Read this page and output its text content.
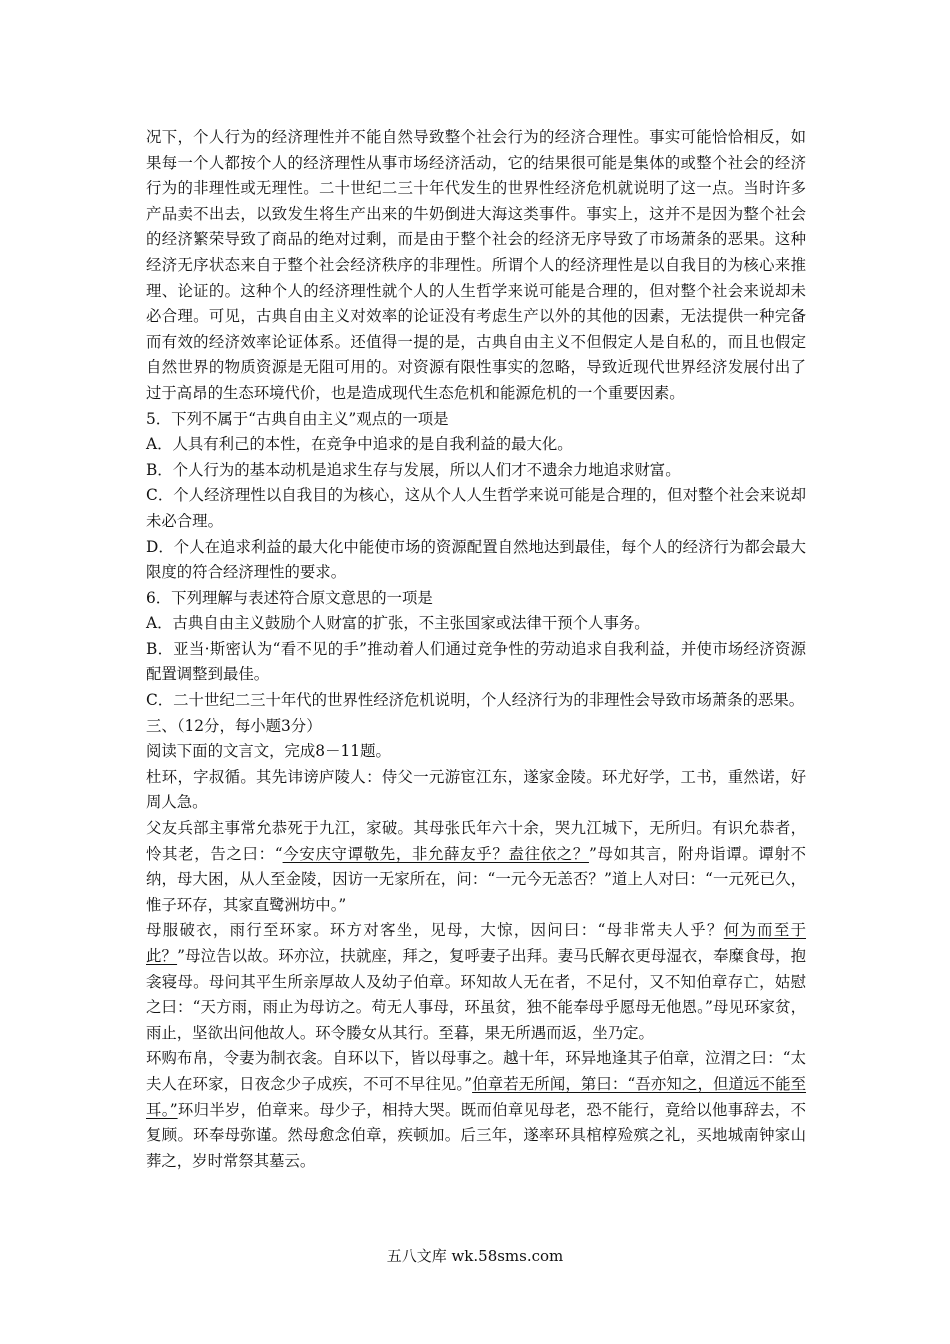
况下，个人行为的经济理性并不能自然导致整个社会行为的经济合理性。事实可能恰恰相反，如果每一个人都按个人的经济理性从事市场经济活动，它的结果很可能是集体的或整个社会的经济行为的非理性或无理性。二十世纪二三十年代发生的世界性经济危机就说明了这一点。当时许多产品卖不出去，以致发生将生产出来的牛奶倒进大海这类事件。事实上，这并不是因为整个社会的经济繁荣导致了商品的绝对过剩，而是由于整个社会的经济无序导致了市场萧条的恶果。这种经济无序状态来自于整个社会经济秩序的非理性。所谓个人的经济理性是以自我目的为核心来推理、论证的。这种个人的经济理性就个人的人生哲学来说可能是合理的，但对整个社会来说却未必合理。可见，古典自由主义对效率的论证没有考虑生产以外的其他的因素，无法提供一种完备而有效的经济效率论证体系。还值得一提的是，古典自由主义不但假定人是自私的，而且也假定自然世界的物质资源是无阻可用的。对资源有限性事实的忽略，导致近现代世界经济发展付出了过于高昂的生态环境代价，也是造成现代生态危机和能源危机的一个重要因素。

5．下列不属于“古典自由主义”观点的一项是

A．人具有利己的本性，在竞争中追求的是自我利益的最大化。

B．个人行为的基本动机是追求生存与发展，所以人们才不遗余力地追求财富。

C．个人经济理性以自我目的为核心，这从个人人生哲学来说可能是合理的，但对整个社会来说却未必合理。

D．个人在追求利益的最大化中能使市场的资源配置自然地达到最佳，每个人的经济行为都会最大限度的符合经济理性的要求。

6．下列理解与表述符合原文意思的一项是

A．古典自由主义鼓励个人财富的扩张，不主张国家或法律干预个人事务。

B．亚当·斯密认为“看不见的手”推动着人们通过竞争性的劳动追求自我利益，并使市场经济资源配置调整到最佳。

C．二十世纪二三十年代的世界性经济危机说明，个人经济行为的非理性会导致市场萧条的恶果。

三、（12分，每小题3分）

阅读下面的文言文，完成8－11题。

杜环，字叔循。其先讳谤庐陵人：侍父一元游宦江东，遂家金陵。环尤好学，工书，重然诺，好周人急。

父友兵部主事常允恭死于九江，家破。其母张氏年六十余，哭九江城下，无所归。有识允恭者，怜其老，告之曰：“今安庆守谭敬先，非允薛友乎？盍往依之？”母如其言，附舟诣谭。谭射不纳，母大困，从人至金陵，因访一无家所在，问：“一元今无恙否？”道上人对曰：“一元死已久，惟子环存，其家直鹭洲坊中。”

母服破衣，雨行至环家。环方对客坐，见母，大惊，因问曰：“母非常夫人乎？何为而至于此？”母泣告以故。环亦泣，扶就座，拜之，复呼妻子出拜。妻马氏解衣更母湿衣，奉糜食母，抱衾寝母。母问其平生所亲厚故人及幼子伯章。环知故人无在者，不足付，又不知伯章存亡，姑慰之曰：“天方雨，雨止为母访之。苟无人事母，环虽贫，独不能奉母乎愿母无他恩。”母见环家贫，雨止，坚欲出问他故人。环令媵女从其行。至暮，果无所遇而返，坐乃定。

环购布帛，令妻为制衣衾。自环以下，皆以母事之。越十年，环异地逢其子伯章，泣渭之曰：“太夫人在环家，日夜念少子成疾，不可不早往见。”伯章若无所闻，第曰：“吾亦知之，但道远不能至耳。”环归半岁，伯章来。母少子，相持大哭。既而伯章见母老，恐不能行，竟给以他事辞去，不复顾。环奉母弥谨。然母愈念伯章，疾顿加。后三年，遂率环具棺椁殓殡之礼，买地城南钟家山葬之，岁时常祭其墓云。

五八文库 wk.58sms.com
